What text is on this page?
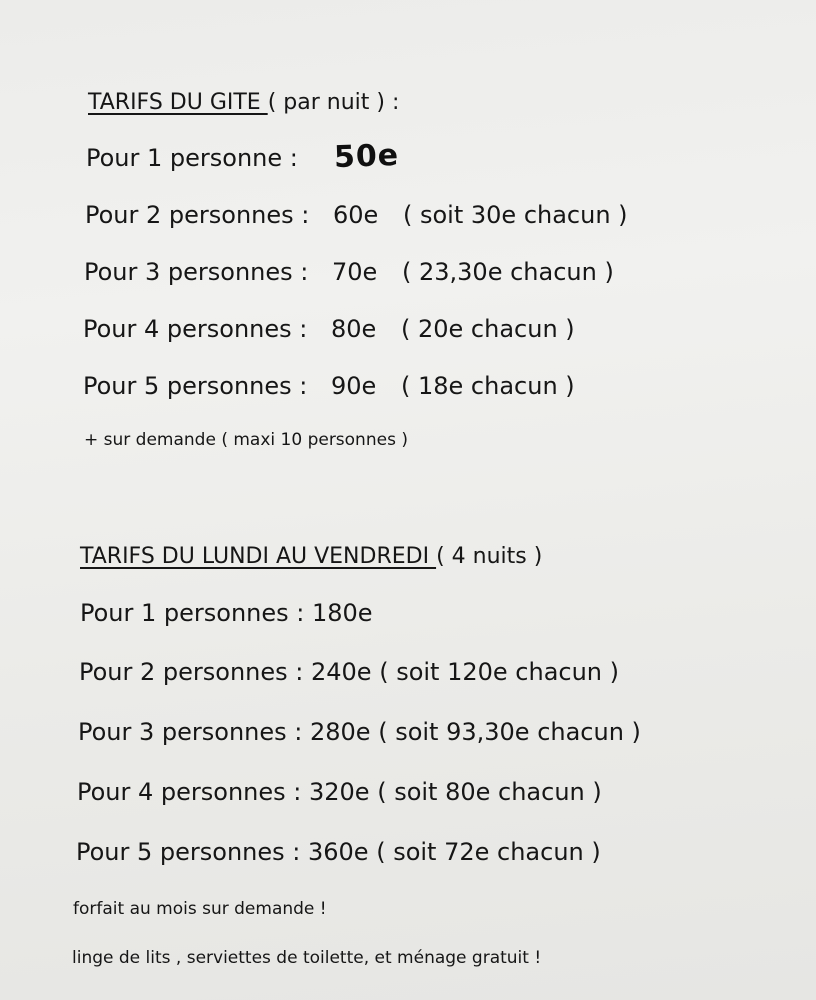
TARIFS DU GITE ( par nuit ) :
Pour 1 personne : 50e
Pour 2 personnes : 60e ( soit 30e chacun )
Pour 3 personnes : 70e ( 23,30e chacun )
Pour 4 personnes : 80e ( 20e chacun )
Pour 5 personnes : 90e ( 18e chacun )
+ sur demande ( maxi 10 personnes )
TARIFS DU LUNDI AU VENDREDI ( 4 nuits )
Pour 1 personnes : 180e
Pour 2 personnes : 240e ( soit 120e chacun )
Pour 3 personnes : 280e ( soit 93,30e chacun )
Pour 4 personnes : 320e ( soit 80e chacun )
Pour 5 personnes : 360e ( soit 72e chacun )
forfait au mois sur demande !
linge de lits , serviettes de toilette, et ménage gratuit !
